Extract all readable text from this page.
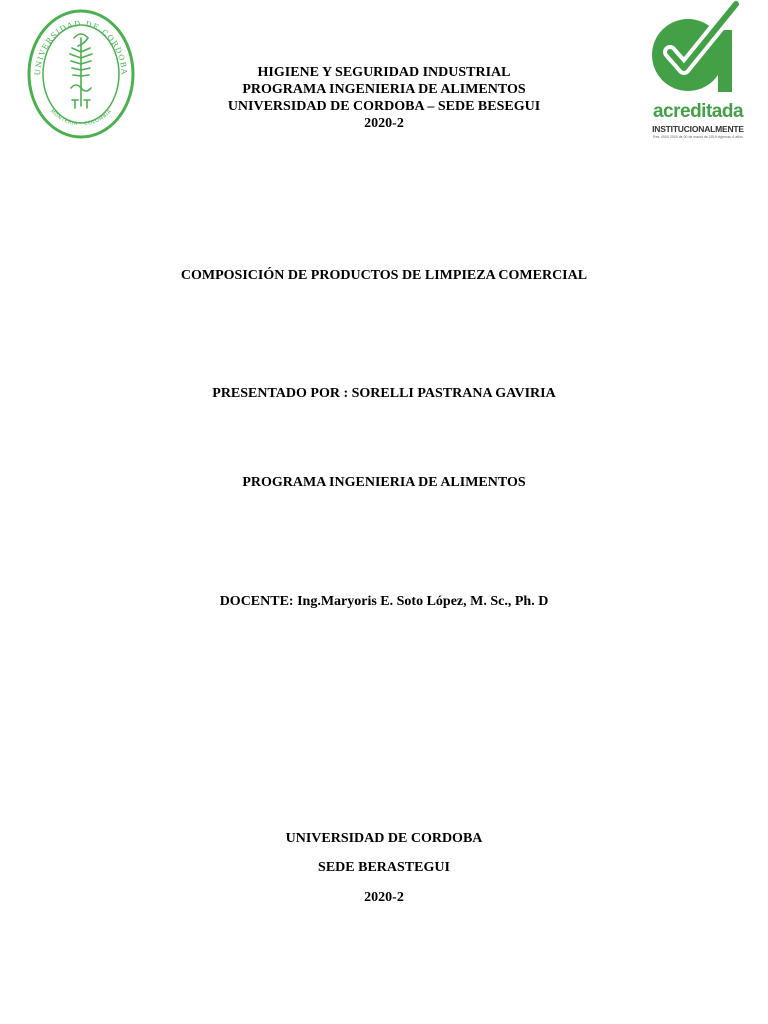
UNIVERSIDAD DE CORDOBA
MONTERIA · COLOMBIA	acreditada
INSTITUCIONALMENTE
Res. 0000 2000 de 00 de marzo de 2019 vigencia: 6 años
HIGIENE Y SEGURIDAD INDUSTRIAL
PROGRAMA INGENIERIA DE ALIMENTOS
UNIVERSIDAD DE CORDOBA – SEDE BESEGUI
2020-2
COMPOSICIÓN DE PRODUCTOS DE LIMPIEZA COMERCIAL
PRESENTADO POR : SORELLI PASTRANA GAVIRIA
PROGRAMA INGENIERIA DE ALIMENTOS
DOCENTE: Ing.Maryoris E. Soto López, M. Sc., Ph. D
UNIVERSIDAD DE CORDOBA
SEDE BERASTEGUI
2020-2
